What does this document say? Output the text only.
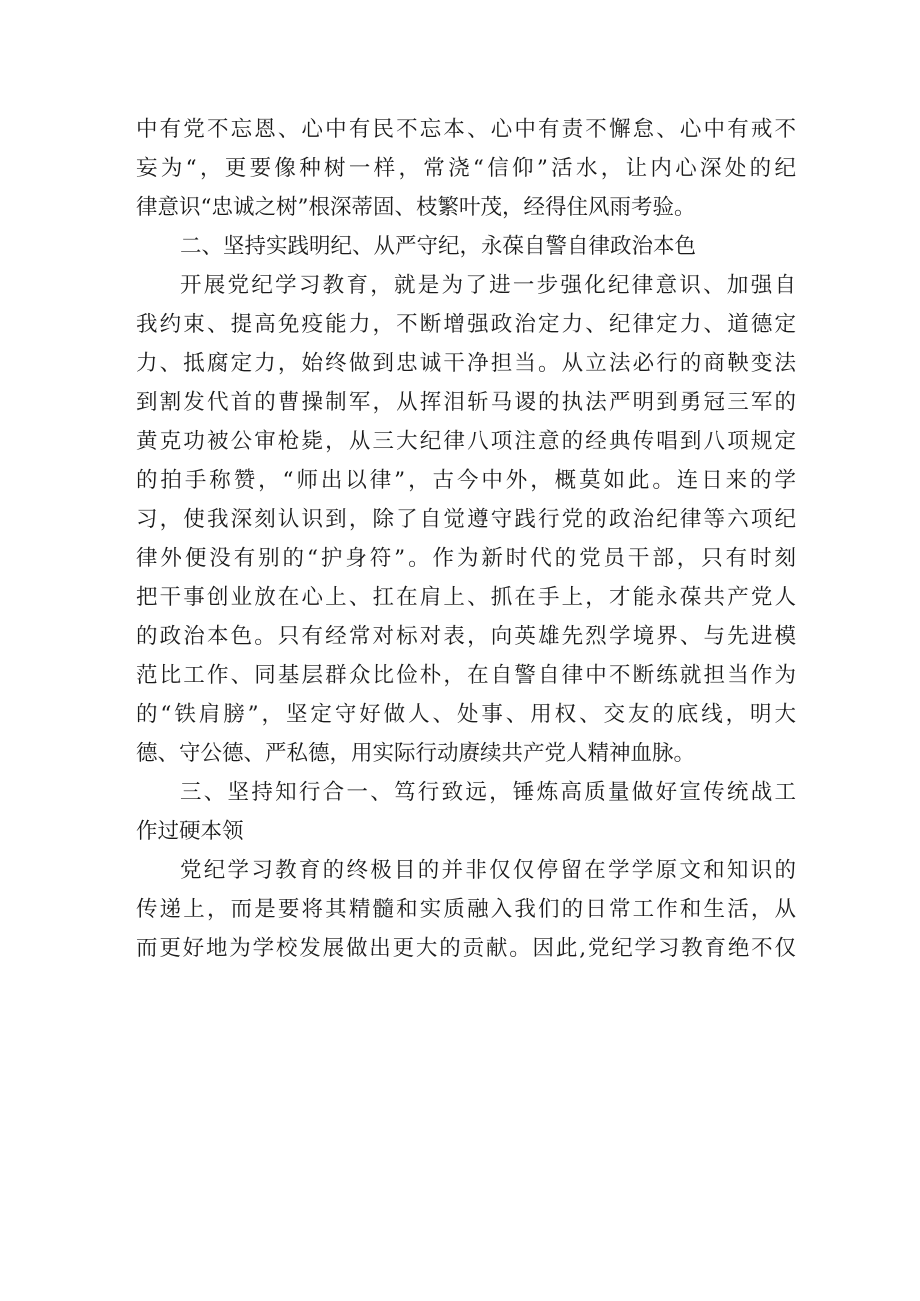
中有党不忘恩、心中有民不忘本、心中有责不懈怠、心中有戒不
妄为“，更要像种树一样，常浇“信仰”活水，让内心深处的纪
律意识“忠诚之树”根深蒂固、枝繁叶茂，经得住风雨考验。
二、坚持实践明纪、从严守纪，永葆自警自律政治本色
开展党纪学习教育，就是为了进一步强化纪律意识、加强自
我约束、提高免疫能力，不断增强政治定力、纪律定力、道德定
力、抵腐定力，始终做到忠诚干净担当。从立法必行的商鞅变法
到割发代首的曹操制军，从挥泪斩马谡的执法严明到勇冠三军的
黄克功被公审枪毙，从三大纪律八项注意的经典传唱到八项规定
的拍手称赞，“师出以律”，古今中外，概莫如此。连日来的学
习，使我深刻认识到，除了自觉遵守践行党的政治纪律等六项纪
律外便没有别的“护身符”。作为新时代的党员干部，只有时刻
把干事创业放在心上、扛在肩上、抓在手上，才能永葆共产党人
的政治本色。只有经常对标对表，向英雄先烈学境界、与先进模
范比工作、同基层群众比俭朴，在自警自律中不断练就担当作为
的“铁肩膀”，坚定守好做人、处事、用权、交友的底线，明大
德、守公德、严私德，用实际行动赓续共产党人精神血脉。
三、坚持知行合一、笃行致远，锤炼高质量做好宣传统战工
作过硬本领
党纪学习教育的终极目的并非仅仅停留在学学原文和知识的
传递上，而是要将其精髓和实质融入我们的日常工作和生活，从
而更好地为学校发展做出更大的贡献。因此,党纪学习教育绝不仅
